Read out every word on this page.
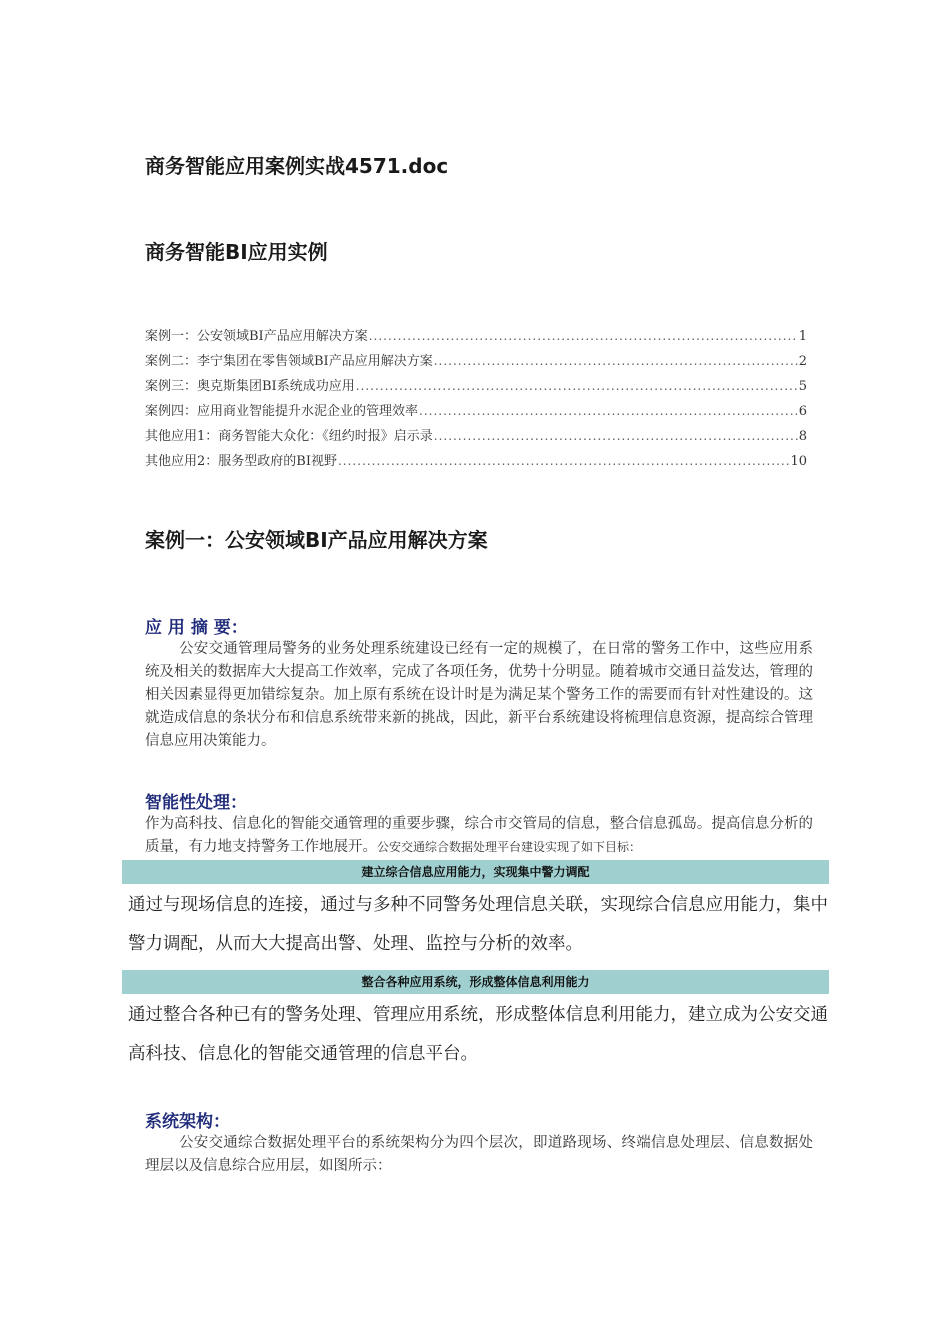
商务智能应用案例实战4571.doc
商务智能BI应用实例
案例一：公安领域BI产品应用解决方案 .....	1
案例二：李宁集团在零售领域BI产品应用解决方案 .....	2
案例三：奥克斯集团BI系统成功应用 .....	5
案例四：应用商业智能提升水泥企业的管理效率 .....	6
其他应用1：商务智能大众化：《纽约时报》启示录 .....	8
其他应用2：服务型政府的BI视野 .....	10
案例一：公安领域BI产品应用解决方案
应 用 摘 要：
公安交通管理局警务的业务处理系统建设已经有一定的规模了，在日常的警务工作中，这些应用系统及相关的数据库大大提高工作效率，完成了各项任务，优势十分明显。随着城市交通日益发达，管理的相关因素显得更加错综复杂。加上原有系统在设计时是为满足某个警务工作的需要而有针对性建设的。这就造成信息的条状分布和信息系统带来新的挑战，因此，新平台系统建设将梳理信息资源，提高综合管理信息应用决策能力。
智能性处理：
作为高科技、信息化的智能交通管理的重要步骤，综合市交管局的信息，整合信息孤岛。提高信息分析的质量，有力地支持警务工作地展开。公安交通综合数据处理平台建设实现了如下目标：
建立综合信息应用能力，实现集中警力调配
通过与现场信息的连接，通过与多种不同警务处理信息关联，实现综合信息应用能力，集中警力调配，从而大大提高出警、处理、监控与分析的效率。
整合各种应用系统，形成整体信息利用能力
通过整合各种已有的警务处理、管理应用系统，形成整体信息利用能力，建立成为公安交通高科技、信息化的智能交通管理的信息平台。
系统架构：
公安交通综合数据处理平台的系统架构分为四个层次，即道路现场、终端信息处理层、信息数据处理层以及信息综合应用层，如图所示：
